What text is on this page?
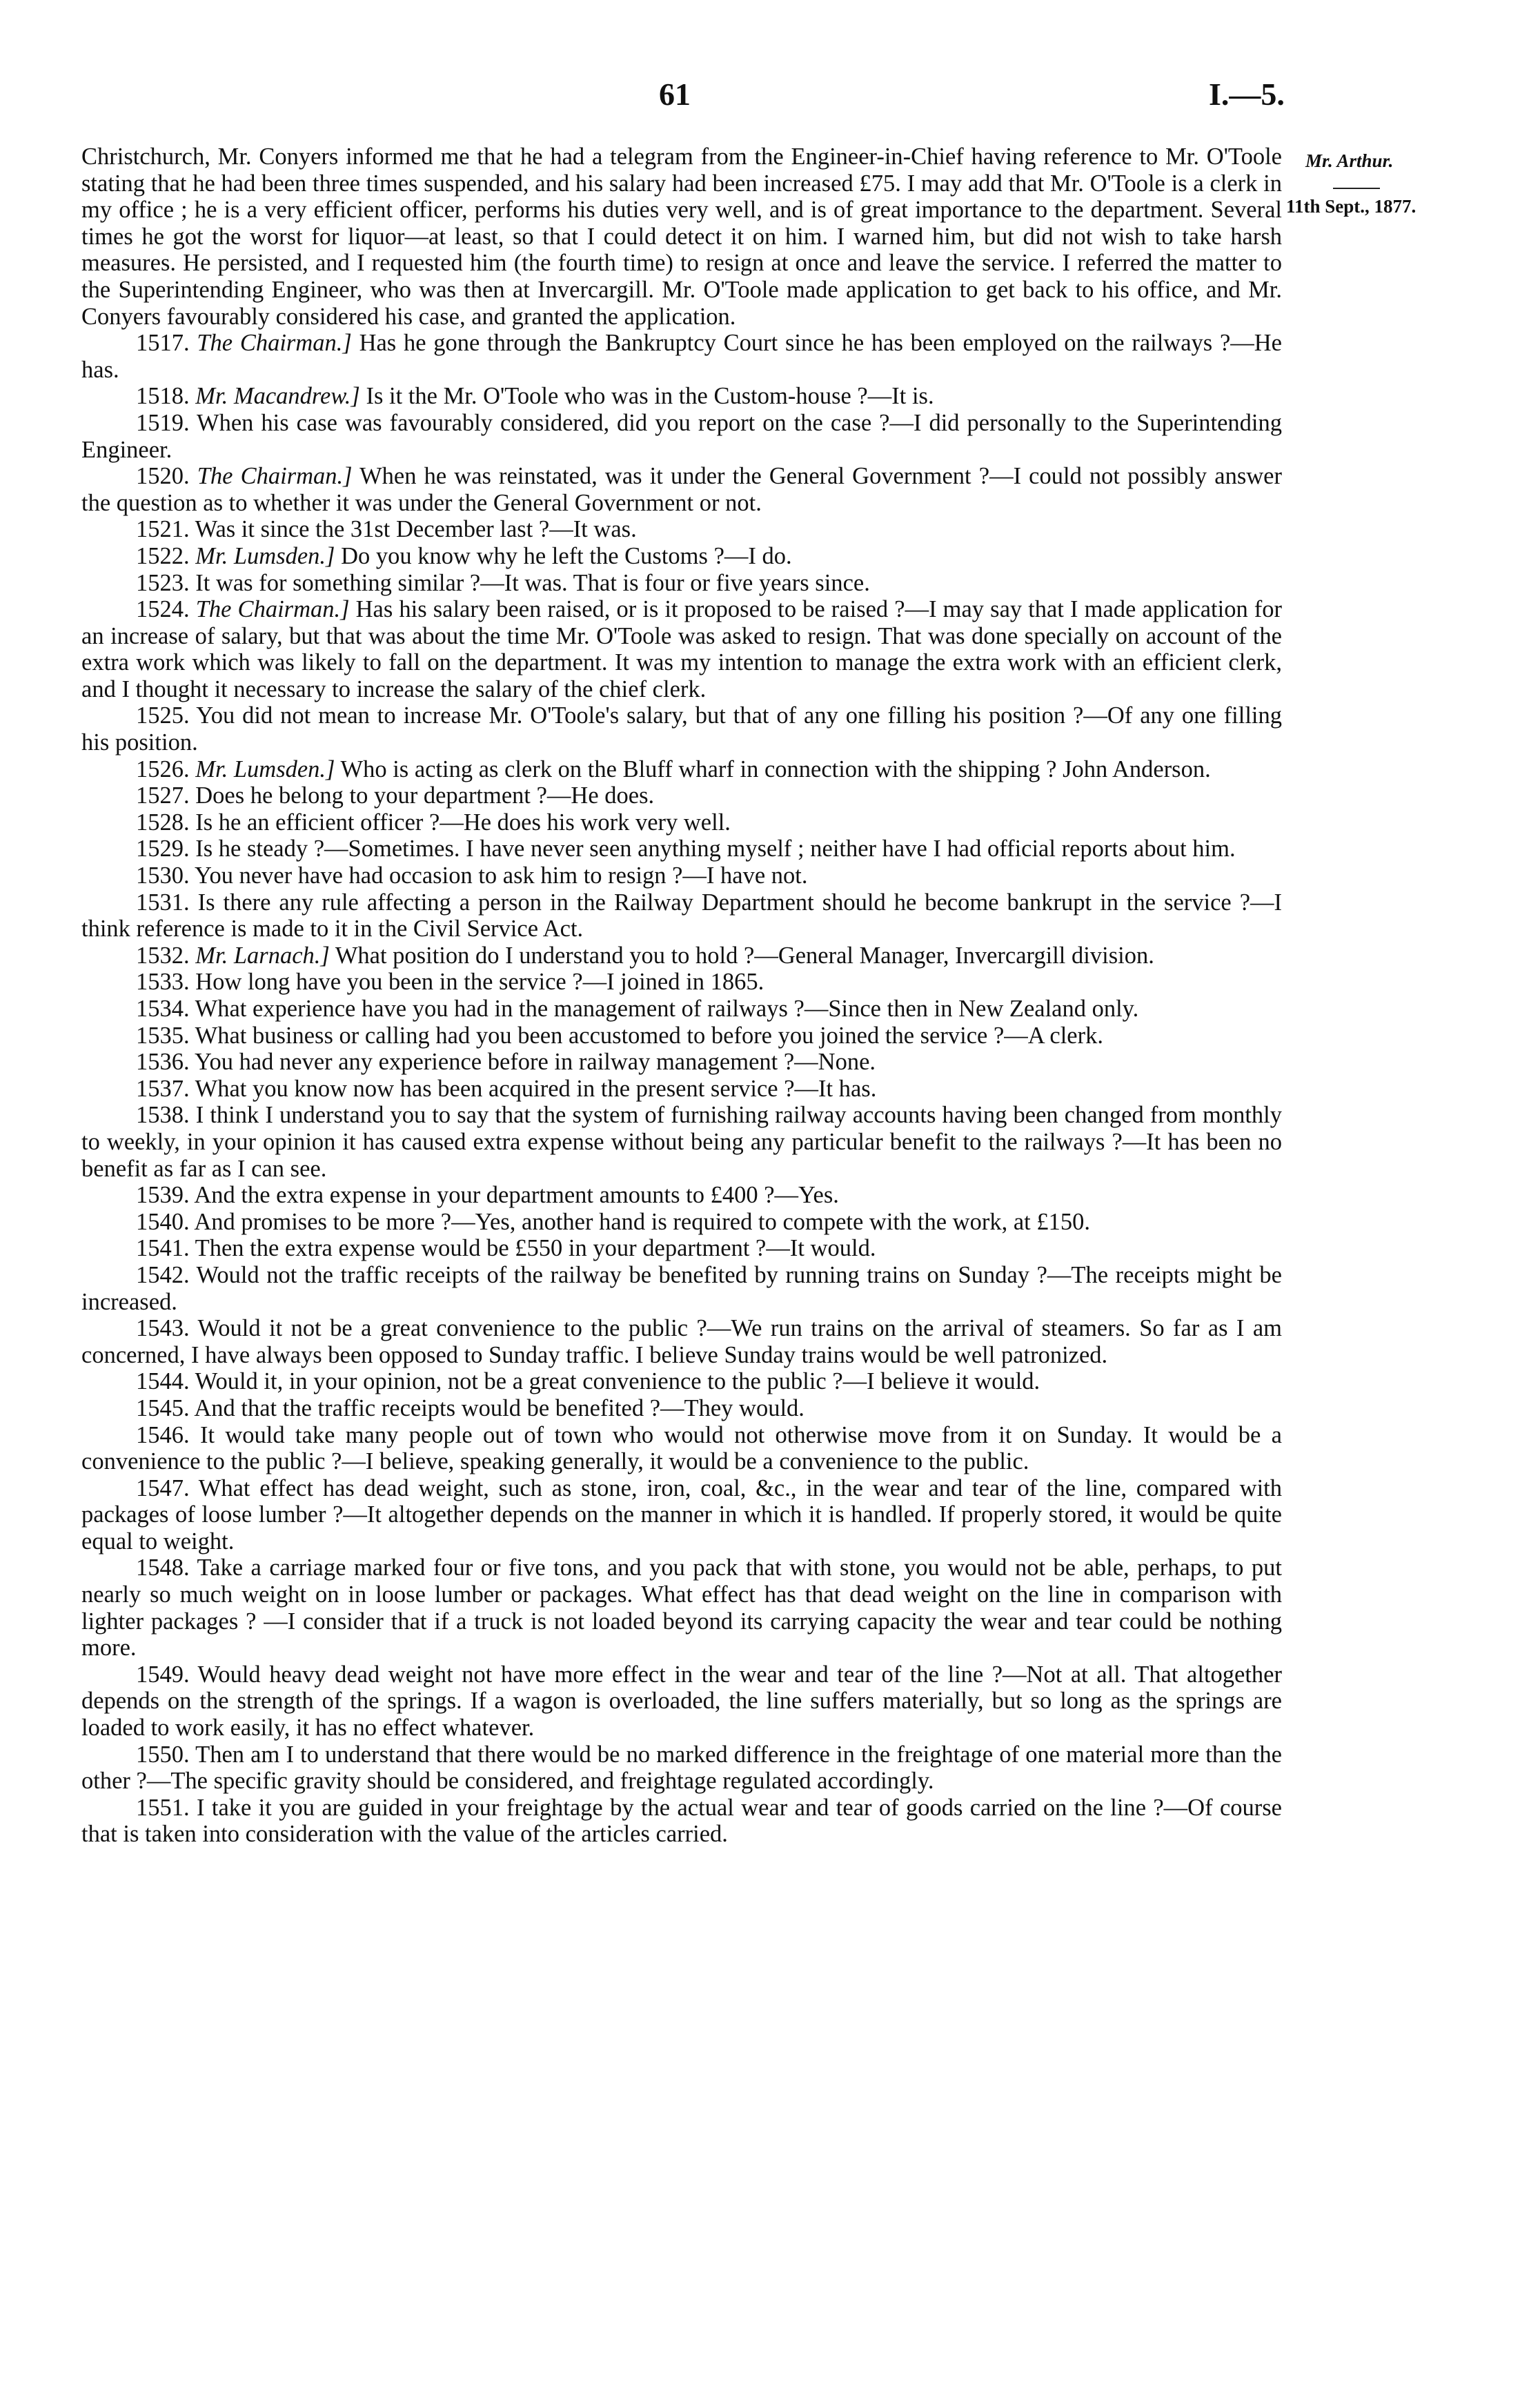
61	I.—5.
Mr. Arthur.
11th Sept., 1877.

Christchurch, Mr. Conyers informed me that he had a telegram from the Engineer-in-Chief having reference to Mr. O'Toole stating that he had been three times suspended, and his salary had been increased £75. I may add that Mr. O'Toole is a clerk in my office ; he is a very efficient officer, performs his duties very well, and is of great importance to the department. Several times he got the worst for liquor—at least, so that I could detect it on him. I warned him, but did not wish to take harsh measures. He persisted, and I requested him (the fourth time) to resign at once and leave the service. I referred the matter to the Superintending Engineer, who was then at Invercargill. Mr. O'Toole made application to get back to his office, and Mr. Conyers favourably considered his case, and granted the application.

1517. The Chairman.] Has he gone through the Bankruptcy Court since he has been employed on the railways ?—He has.

1518. Mr. Macandrew.] Is it the Mr. O'Toole who was in the Custom-house ?—It is.

1519. When his case was favourably considered, did you report on the case ?—I did personally to the Superintending Engineer.

1520. The Chairman.] When he was reinstated, was it under the General Government ?—I could not possibly answer the question as to whether it was under the General Government or not.

1521. Was it since the 31st December last ?—It was.

1522. Mr. Lumsden.] Do you know why he left the Customs ?—I do.

1523. It was for something similar ?—It was. That is four or five years since.

1524. The Chairman.] Has his salary been raised, or is it proposed to be raised ?—I may say that I made application for an increase of salary, but that was about the time Mr. O'Toole was asked to resign. That was done specially on account of the extra work which was likely to fall on the department. It was my intention to manage the extra work with an efficient clerk, and I thought it necessary to increase the salary of the chief clerk.

1525. You did not mean to increase Mr. O'Toole's salary, but that of any one filling his position ?—Of any one filling his position.

1526. Mr. Lumsden.] Who is acting as clerk on the Bluff wharf in connection with the shipping ? John Anderson.

1527. Does he belong to your department ?—He does.

1528. Is he an efficient officer ?—He does his work very well.

1529. Is he steady ?—Sometimes. I have never seen anything myself ; neither have I had official reports about him.

1530. You never have had occasion to ask him to resign ?—I have not.

1531. Is there any rule affecting a person in the Railway Department should he become bankrupt in the service ?—I think reference is made to it in the Civil Service Act.

1532. Mr. Larnach.] What position do I understand you to hold ?—General Manager, Invercargill division.

1533. How long have you been in the service ?—I joined in 1865.

1534. What experience have you had in the management of railways ?—Since then in New Zealand only.

1535. What business or calling had you been accustomed to before you joined the service ?—A clerk.

1536. You had never any experience before in railway management ?—None.

1537. What you know now has been acquired in the present service ?—It has.

1538. I think I understand you to say that the system of furnishing railway accounts having been changed from monthly to weekly, in your opinion it has caused extra expense without being any particular benefit to the railways ?—It has been no benefit as far as I can see.

1539. And the extra expense in your department amounts to £400 ?—Yes.

1540. And promises to be more ?—Yes, another hand is required to compete with the work, at £150.

1541. Then the extra expense would be £550 in your department ?—It would.

1542. Would not the traffic receipts of the railway be benefited by running trains on Sunday ?—The receipts might be increased.

1543. Would it not be a great convenience to the public ?—We run trains on the arrival of steamers. So far as I am concerned, I have always been opposed to Sunday traffic. I believe Sunday trains would be well patronized.

1544. Would it, in your opinion, not be a great convenience to the public ?—I believe it would.

1545. And that the traffic receipts would be benefited ?—They would.

1546. It would take many people out of town who would not otherwise move from it on Sunday. It would be a convenience to the public ?—I believe, speaking generally, it would be a convenience to the public.

1547. What effect has dead weight, such as stone, iron, coal, &c., in the wear and tear of the line, compared with packages of loose lumber ?—It altogether depends on the manner in which it is handled. If properly stored, it would be quite equal to weight.

1548. Take a carriage marked four or five tons, and you pack that with stone, you would not be able, perhaps, to put nearly so much weight on in loose lumber or packages. What effect has that dead weight on the line in comparison with lighter packages ? —I consider that if a truck is not loaded beyond its carrying capacity the wear and tear could be nothing more.

1549. Would heavy dead weight not have more effect in the wear and tear of the line ?—Not at all. That altogether depends on the strength of the springs. If a wagon is overloaded, the line suffers materially, but so long as the springs are loaded to work easily, it has no effect whatever.

1550. Then am I to understand that there would be no marked difference in the freightage of one material more than the other ?—The specific gravity should be considered, and freightage regulated accordingly.

1551. I take it you are guided in your freightage by the actual wear and tear of goods carried on the line ?—Of course that is taken into consideration with the value of the articles carried.
